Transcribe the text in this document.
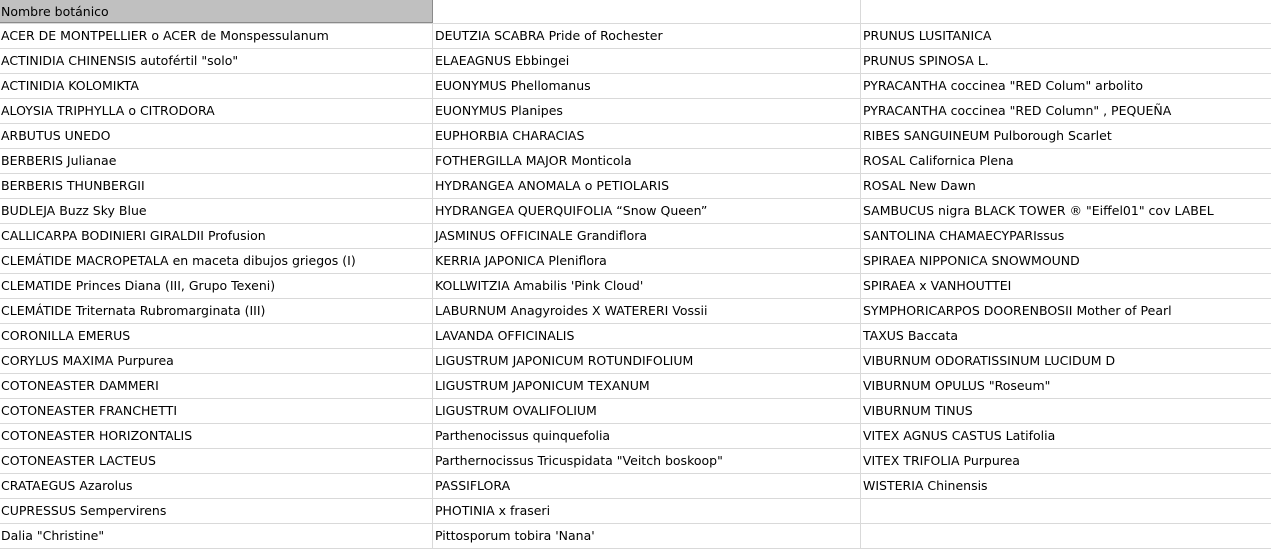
Nombre botánico
ACER DE MONTPELLIER o ACER de Monspessulanum	DEUTZIA SCABRA Pride of Rochester	PRUNUS LUSITANICA
ACTINIDIA CHINENSIS autofértil "solo"	ELAEAGNUS Ebbingei	PRUNUS SPINOSA L.
ACTINIDIA KOLOMIKTA	EUONYMUS Phellomanus	PYRACANTHA coccinea "RED Colum" arbolito
ALOYSIA TRIPHYLLA o CITRODORA	EUONYMUS Planipes	PYRACANTHA coccinea "RED Column" , PEQUEÑA
ARBUTUS UNEDO	EUPHORBIA CHARACIAS	RIBES SANGUINEUM Pulborough Scarlet
BERBERIS Julianae	FOTHERGILLA MAJOR Monticola	ROSAL Californica Plena
BERBERIS THUNBERGII	HYDRANGEA ANOMALA o PETIOLARIS	ROSAL New Dawn
BUDLEJA Buzz Sky Blue	HYDRANGEA QUERQUIFOLIA “Snow Queen”	SAMBUCUS nigra BLACK TOWER ® "Eiffel01" cov LABEL
CALLICARPA BODINIERI GIRALDII Profusion	JASMINUS OFFICINALE Grandiflora	SANTOLINA CHAMAECYPARIssus
CLEMÁTIDE MACROPETALA en maceta dibujos griegos (I)	KERRIA JAPONICA Pleniflora	SPIRAEA NIPPONICA SNOWMOUND
CLEMATIDE Princes Diana (III, Grupo Texeni)	KOLLWITZIA Amabilis 'Pink Cloud'	SPIRAEA x VANHOUTTEI
CLEMÁTIDE Triternata Rubromarginata (III)	LABURNUM Anagyroides X WATERERI Vossii	SYMPHORICARPOS DOORENBOSII Mother of Pearl
CORONILLA EMERUS	LAVANDA OFFICINALIS	TAXUS Baccata
CORYLUS MAXIMA Purpurea	LIGUSTRUM JAPONICUM ROTUNDIFOLIUM	VIBURNUM ODORATISSINUM LUCIDUM D
COTONEASTER DAMMERI	LIGUSTRUM JAPONICUM TEXANUM	VIBURNUM OPULUS "Roseum"
COTONEASTER FRANCHETTI	LIGUSTRUM OVALIFOLIUM	VIBURNUM TINUS
COTONEASTER HORIZONTALIS	Parthenocissus quinquefolia	VITEX AGNUS CASTUS Latifolia
COTONEASTER LACTEUS	Parthernocissus Tricuspidata "Veitch boskoop"	VITEX TRIFOLIA Purpurea
CRATAEGUS Azarolus	PASSIFLORA	WISTERIA Chinensis
CUPRESSUS Sempervirens	PHOTINIA x fraseri
Dalia "Christine"	Pittosporum tobira 'Nana'
